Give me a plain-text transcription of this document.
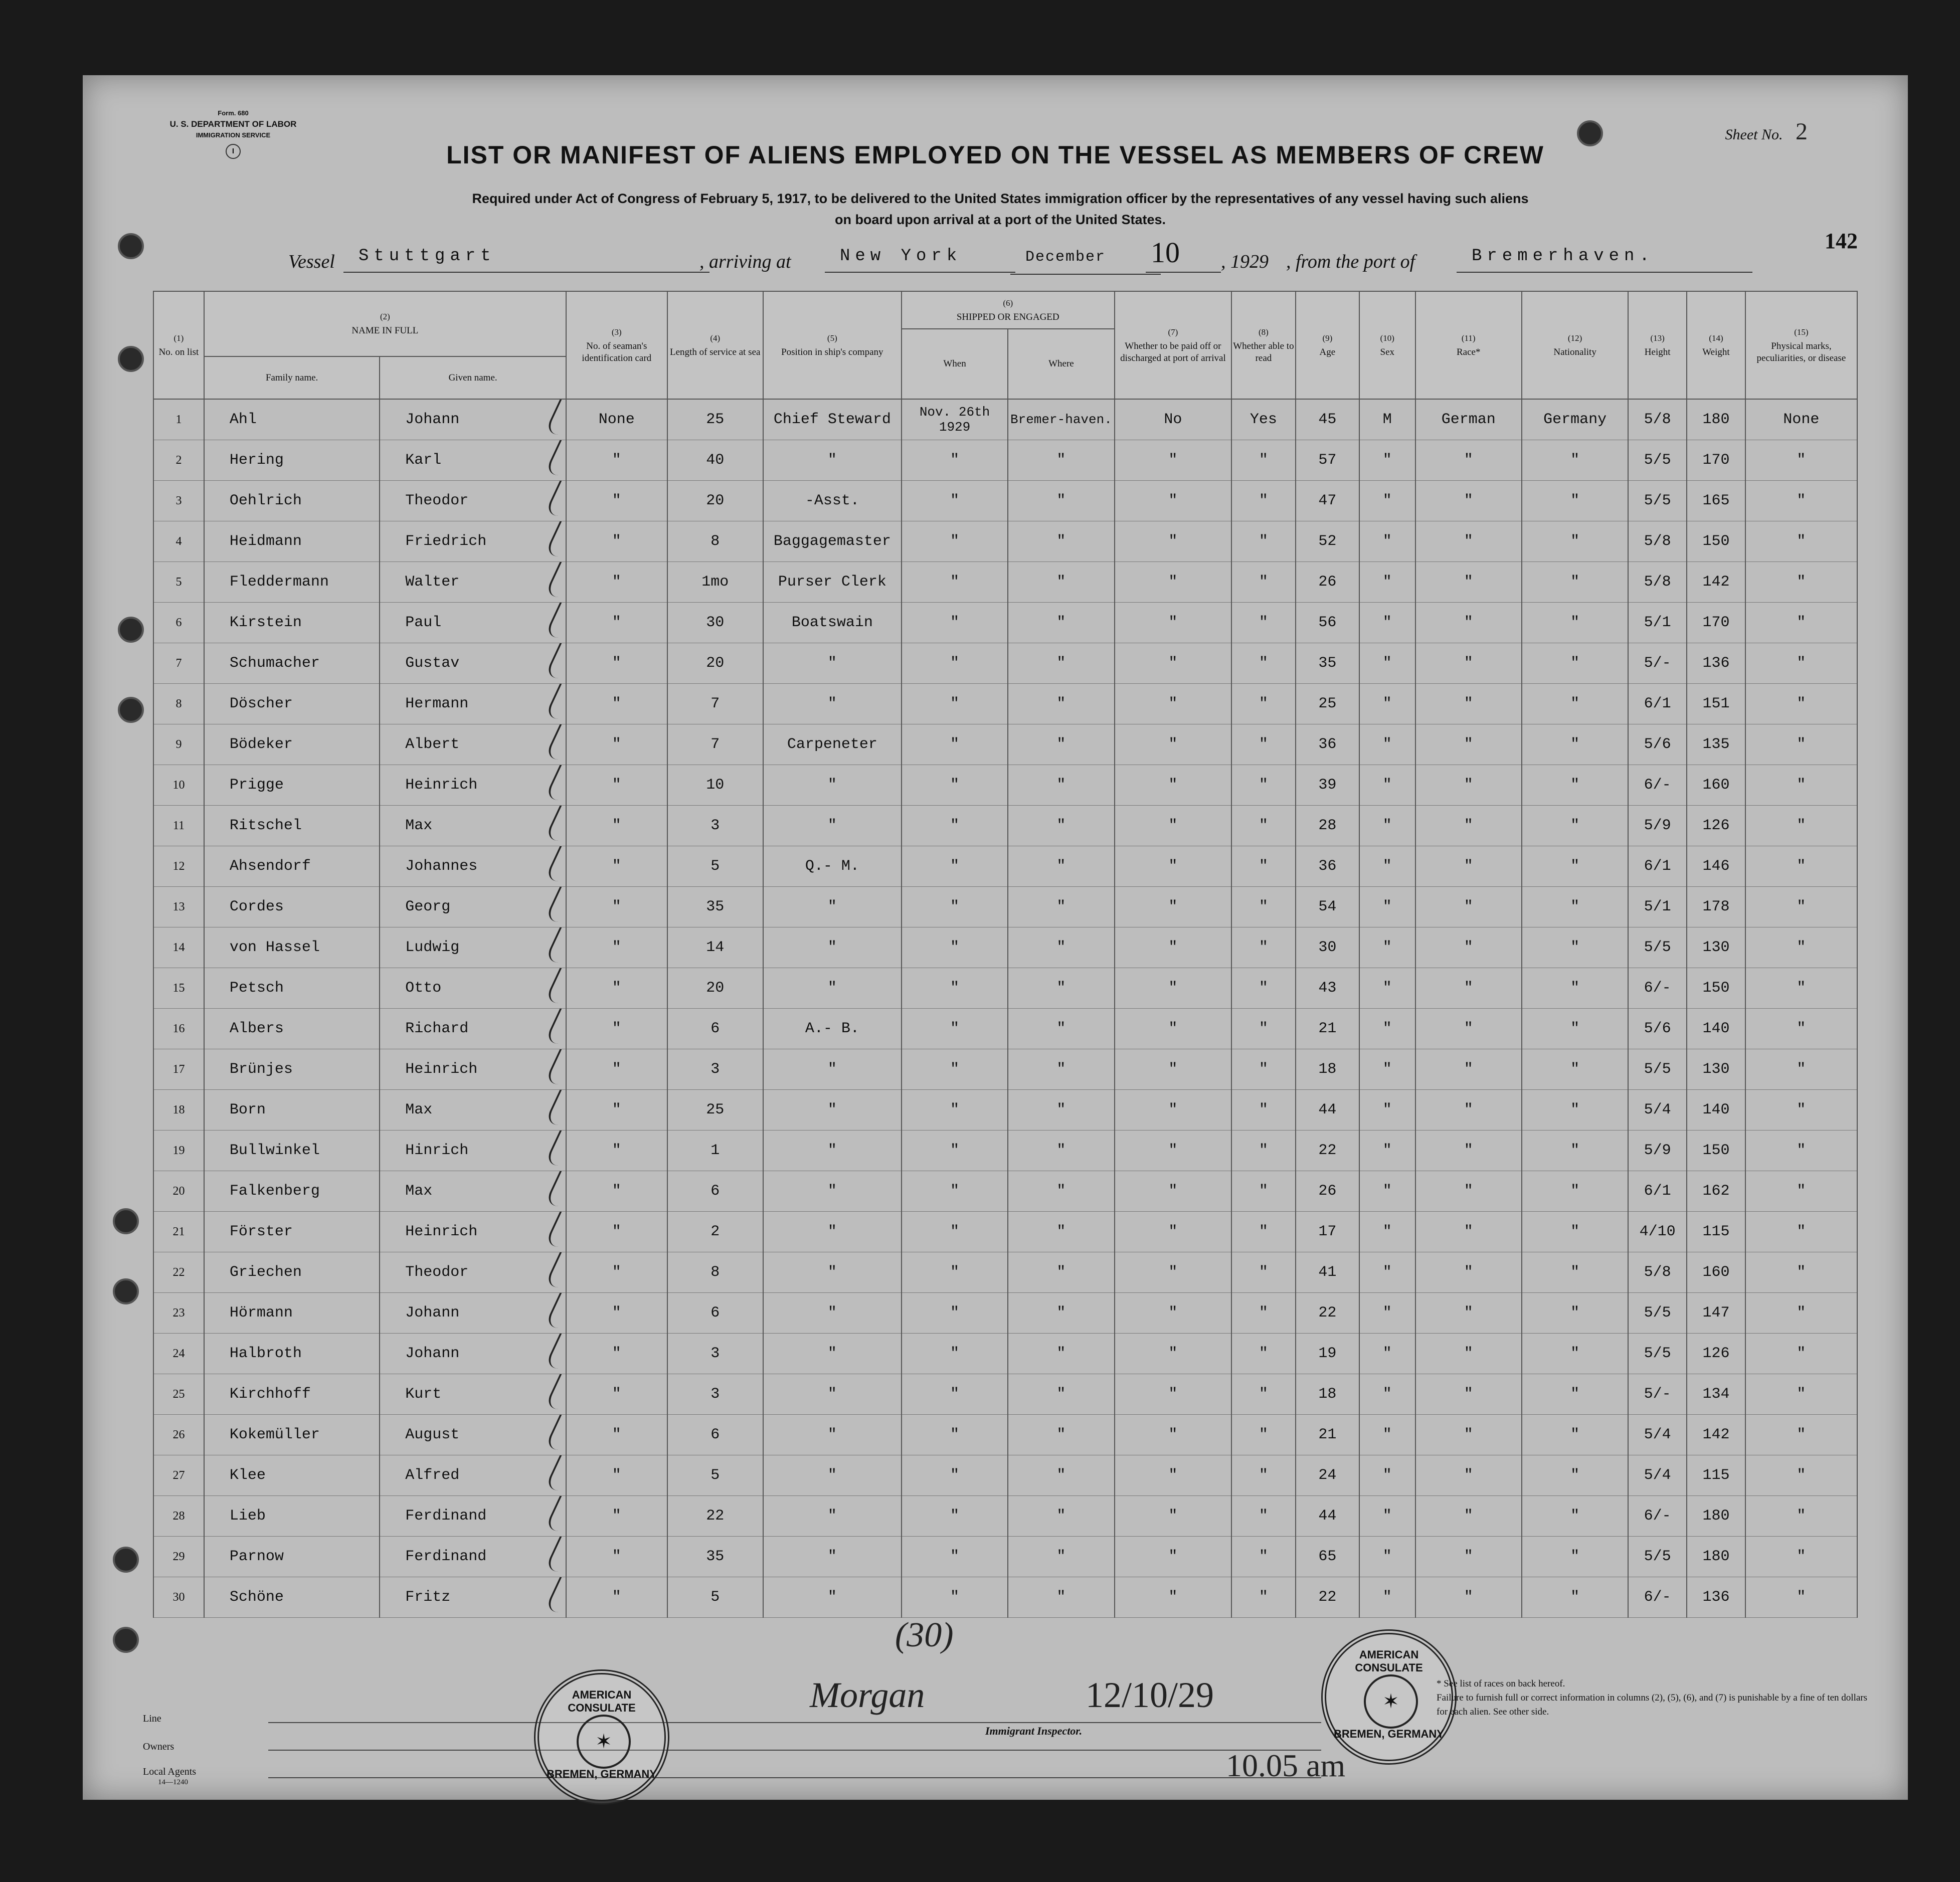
Form. 680
U. S. DEPARTMENT OF LABOR
IMMIGRATION SERVICE
I
Sheet No. 2
LIST OR MANIFEST OF ALIENS EMPLOYED ON THE VESSEL AS MEMBERS OF CREW
Required under Act of Congress of February 5, 1917, to be delivered to the United States immigration officer by the representatives of any vessel having such aliens
on board upon arrival at a port of the United States.
142
Vessel	Stuttgart	, arriving at	New York	December	10	, 1929 , from the port of	Bremerhaven.
(1)
No. on list	(2)
NAME IN FULL		(3)
No. of seaman's identification card	(4)
Length of service at sea	(5)
Position in ship's company	(6)
SHIPPED OR ENGAGED		(7)
Whether to be paid off or discharged at port of arrival	(8)
Whether able to read	(9)
Age	(10)
Sex	(11)
Race*	(12)
Nationality	(13)
Height	(14)
Weight	(15)
Physical marks, peculiarities, or disease
						When	Where									
	Family name.	Given name.														
1	Ahl	Johann	None	25	Chief Steward	Nov. 26th 1929	Bremer-haven.	No	Yes	45	M	German	Germany	5/8	180	None
2	Hering	Karl	"	40	"	"	"	"	"	57	"	"	"	5/5	170	"
3	Oehlrich	Theodor	"	20	-Asst.	"	"	"	"	47	"	"	"	5/5	165	"
4	Heidmann	Friedrich	"	8	Baggagemaster	"	"	"	"	52	"	"	"	5/8	150	"
5	Fleddermann	Walter	"	1mo	Purser Clerk	"	"	"	"	26	"	"	"	5/8	142	"
6	Kirstein	Paul	"	30	Boatswain	"	"	"	"	56	"	"	"	5/1	170	"
7	Schumacher	Gustav	"	20	"	"	"	"	"	35	"	"	"	5/-	136	"
8	Döscher	Hermann	"	7	"	"	"	"	"	25	"	"	"	6/1	151	"
9	Bödeker	Albert	"	7	Carpeneter	"	"	"	"	36	"	"	"	5/6	135	"
10	Prigge	Heinrich	"	10	"	"	"	"	"	39	"	"	"	6/-	160	"
11	Ritschel	Max	"	3	"	"	"	"	"	28	"	"	"	5/9	126	"
12	Ahsendorf	Johannes	"	5	Q.- M.	"	"	"	"	36	"	"	"	6/1	146	"
13	Cordes	Georg	"	35	"	"	"	"	"	54	"	"	"	5/1	178	"
14	von Hassel	Ludwig	"	14	"	"	"	"	"	30	"	"	"	5/5	130	"
15	Petsch	Otto	"	20	"	"	"	"	"	43	"	"	"	6/-	150	"
16	Albers	Richard	"	6	A.- B.	"	"	"	"	21	"	"	"	5/6	140	"
17	Brünjes	Heinrich	"	3	"	"	"	"	"	18	"	"	"	5/5	130	"
18	Born	Max	"	25	"	"	"	"	"	44	"	"	"	5/4	140	"
19	Bullwinkel	Hinrich	"	1	"	"	"	"	"	22	"	"	"	5/9	150	"
20	Falkenberg	Max	"	6	"	"	"	"	"	26	"	"	"	6/1	162	"
21	Förster	Heinrich	"	2	"	"	"	"	"	17	"	"	"	4/10	115	"
22	Griechen	Theodor	"	8	"	"	"	"	"	41	"	"	"	5/8	160	"
23	Hörmann	Johann	"	6	"	"	"	"	"	22	"	"	"	5/5	147	"
24	Halbroth	Johann	"	3	"	"	"	"	"	19	"	"	"	5/5	126	"
25	Kirchhoff	Kurt	"	3	"	"	"	"	"	18	"	"	"	5/-	134	"
26	Kokemüller	August	"	6	"	"	"	"	"	21	"	"	"	5/4	142	"
27	Klee	Alfred	"	5	"	"	"	"	"	24	"	"	"	5/4	115	"
28	Lieb	Ferdinand	"	22	"	"	"	"	"	44	"	"	"	6/-	180	"
29	Parnow	Ferdinand	"	35	"	"	"	"	"	65	"	"	"	5/5	180	"
30	Schöne	Fritz	"	5	"	"	"	"	"	22	"	"	"	6/-	136	"
(30)
Line
Owners
Local Agents
14—1240
AMERICAN CONSULATE
✶
BREMEN, GERMANY
AMERICAN CONSULATE
✶
BREMEN, GERMANY
Morgan	12/10/29
Immigrant Inspector.
10.05 am
* See list of races on back hereof.
Failure to furnish full or correct information in columns (2), (5), (6), and (7) is punishable by a fine of ten dollars for each alien. See other side.
